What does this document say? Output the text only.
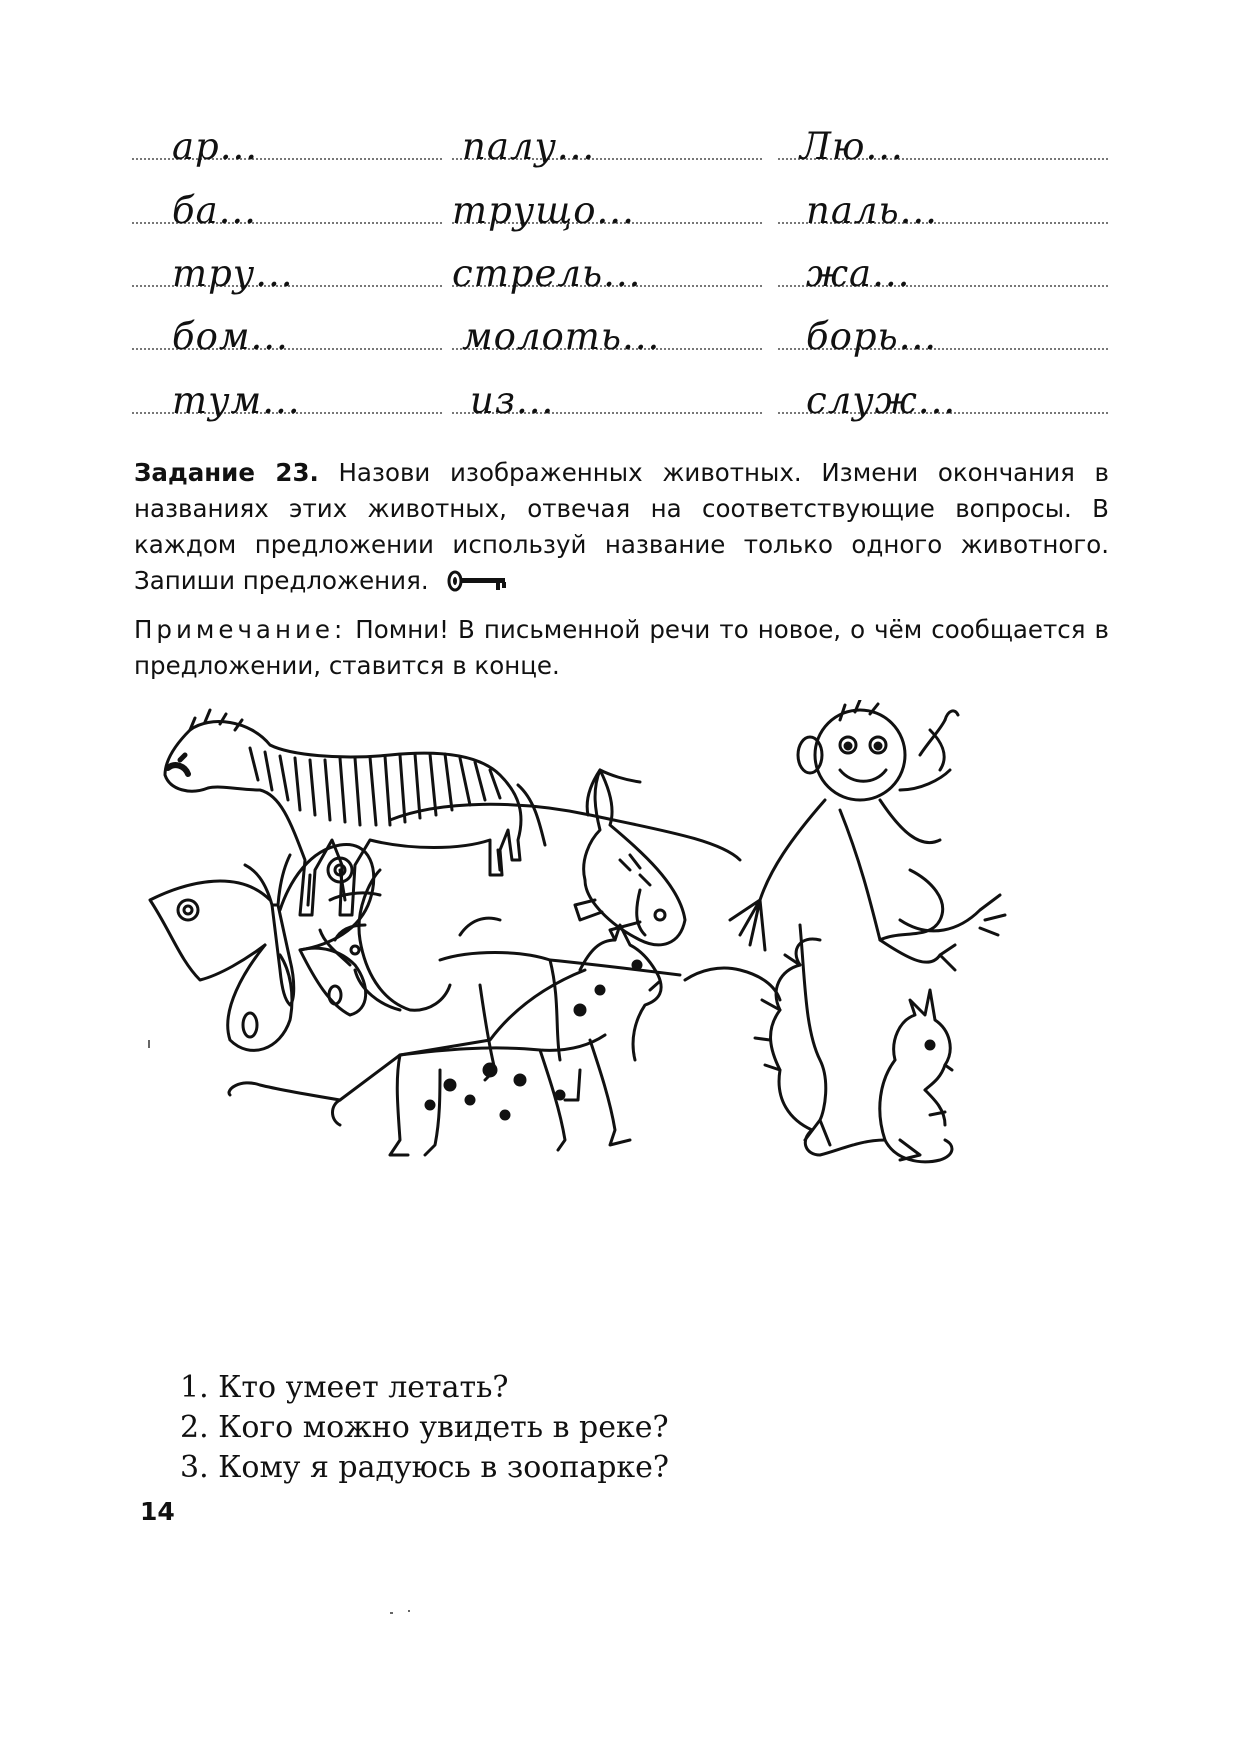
ар...	палу...	Лю...
ба...	трущо...	паль...
тру...	стрель...	жа...
бом...	молоть...	борь...
тум...	из...	служ...
Задание 23. Назови изображенных животных. Измени окончания в названиях этих животных, отвечая на соответствующие вопросы. В каждом предложении используй название только одного животного. Запиши предложения.
Примечание: Помни! В письменной речи то новое, о чём сообщается в предложении, ставится в конце.
1. Кто умеет летать?
2. Кого можно увидеть в реке?
3. Кому я радуюсь в зоопарке?
14
